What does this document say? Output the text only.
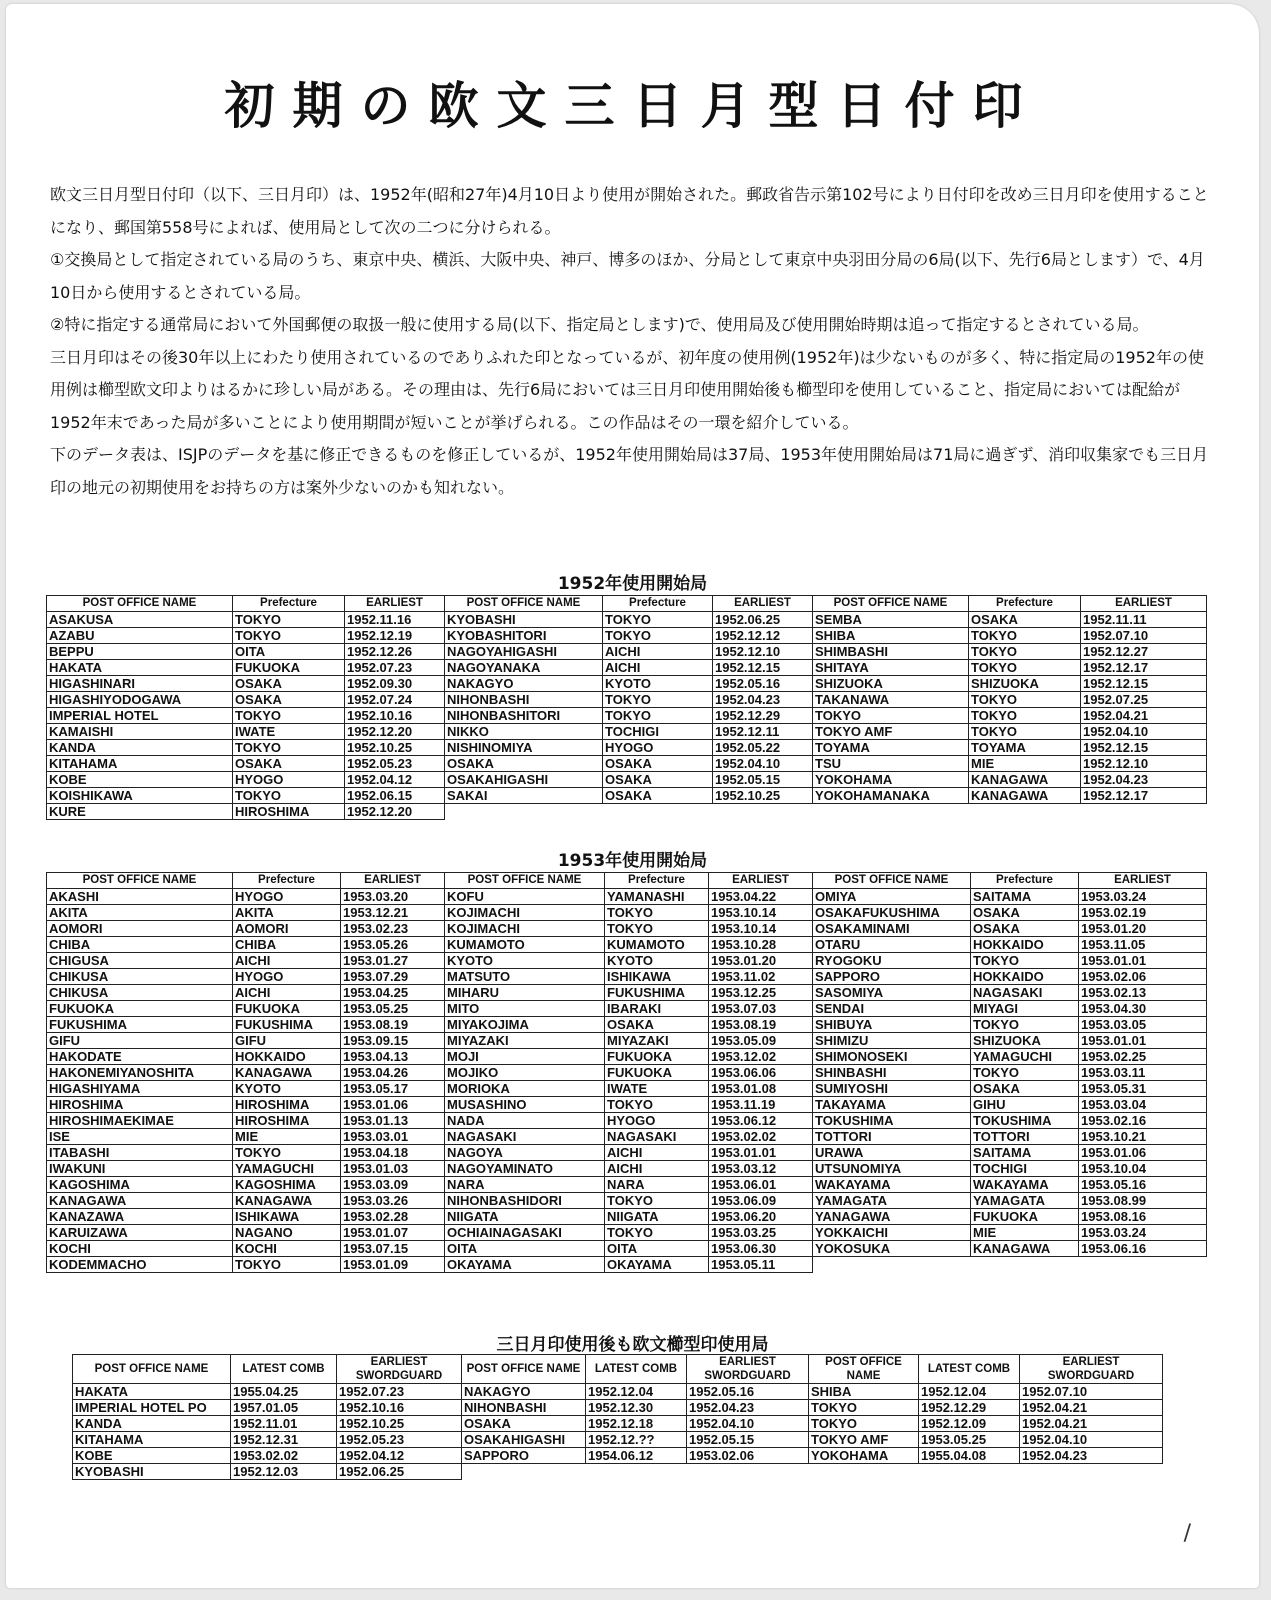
初期の欧文三日月型日付印

欧文三日月型日付印（以下、三日月印）は、1952年(昭和27年)4月10日より使用が開始された。郵政省告示第102号により日付印を改め三日月印を使用することになり、郵国第558号によれば、使用局として次の二つに分けられる。

①交換局として指定されている局のうち、東京中央、横浜、大阪中央、神戸、博多のほか、分局として東京中央羽田分局の6局(以下、先行6局とします）で、4月10日から使用するとされている局。

②特に指定する通常局において外国郵便の取扱一般に使用する局(以下、指定局とします)で、使用局及び使用開始時期は追って指定するとされている局。

三日月印はその後30年以上にわたり使用されているのでありふれた印となっているが、初年度の使用例(1952年)は少ないものが多く、特に指定局の1952年の使用例は櫛型欧文印よりはるかに珍しい局がある。その理由は、先行6局においては三日月印使用開始後も櫛型印を使用していること、指定局においては配給が1952年末であった局が多いことにより使用期間が短いことが挙げられる。この作品はその一環を紹介している。

下のデータ表は、ISJPのデータを基に修正できるものを修正しているが、1952年使用開始局は37局、1953年使用開始局は71局に過ぎず、消印収集家でも三日月印の地元の初期使用をお持ちの方は案外少ないのかも知れない。

1952年使用開始局
POST OFFICE NAME	Prefecture	EARLIEST	POST OFFICE NAME	Prefecture	EARLIEST	POST OFFICE NAME	Prefecture	EARLIEST
ASAKUSA	TOKYO	1952.11.16	KYOBASHI	TOKYO	1952.06.25	SEMBA	OSAKA	1952.11.11
AZABU	TOKYO	1952.12.19	KYOBASHITORI	TOKYO	1952.12.12	SHIBA	TOKYO	1952.07.10
BEPPU	OITA	1952.12.26	NAGOYAHIGASHI	AICHI	1952.12.10	SHIMBASHI	TOKYO	1952.12.27
HAKATA	FUKUOKA	1952.07.23	NAGOYANAKA	AICHI	1952.12.15	SHITAYA	TOKYO	1952.12.17
HIGASHINARI	OSAKA	1952.09.30	NAKAGYO	KYOTO	1952.05.16	SHIZUOKA	SHIZUOKA	1952.12.15
HIGASHIYODOGAWA	OSAKA	1952.07.24	NIHONBASHI	TOKYO	1952.04.23	TAKANAWA	TOKYO	1952.07.25
IMPERIAL HOTEL	TOKYO	1952.10.16	NIHONBASHITORI	TOKYO	1952.12.29	TOKYO	TOKYO	1952.04.21
KAMAISHI	IWATE	1952.12.20	NIKKO	TOCHIGI	1952.12.11	TOKYO AMF	TOKYO	1952.04.10
KANDA	TOKYO	1952.10.25	NISHINOMIYA	HYOGO	1952.05.22	TOYAMA	TOYAMA	1952.12.15
KITAHAMA	OSAKA	1952.05.23	OSAKA	OSAKA	1952.04.10	TSU	MIE	1952.12.10
KOBE	HYOGO	1952.04.12	OSAKAHIGASHI	OSAKA	1952.05.15	YOKOHAMA	KANAGAWA	1952.04.23
KOISHIKAWA	TOKYO	1952.06.15	SAKAI	OSAKA	1952.10.25	YOKOHAMANAKA	KANAGAWA	1952.12.17
KURE	HIROSHIMA	1952.12.20						
1953年使用開始局
POST OFFICE NAME	Prefecture	EARLIEST	POST OFFICE NAME	Prefecture	EARLIEST	POST OFFICE NAME	Prefecture	EARLIEST
AKASHI	HYOGO	1953.03.20	KOFU	YAMANASHI	1953.04.22	OMIYA	SAITAMA	1953.03.24
AKITA	AKITA	1953.12.21	KOJIMACHI	TOKYO	1953.10.14	OSAKAFUKUSHIMA	OSAKA	1953.02.19
AOMORI	AOMORI	1953.02.23	KOJIMACHI	TOKYO	1953.10.14	OSAKAMINAMI	OSAKA	1953.01.20
CHIBA	CHIBA	1953.05.26	KUMAMOTO	KUMAMOTO	1953.10.28	OTARU	HOKKAIDO	1953.11.05
CHIGUSA	AICHI	1953.01.27	KYOTO	KYOTO	1953.01.20	RYOGOKU	TOKYO	1953.01.01
CHIKUSA	HYOGO	1953.07.29	MATSUTO	ISHIKAWA	1953.11.02	SAPPORO	HOKKAIDO	1953.02.06
CHIKUSA	AICHI	1953.04.25	MIHARU	FUKUSHIMA	1953.12.25	SASOMIYA	NAGASAKI	1953.02.13
FUKUOKA	FUKUOKA	1953.05.25	MITO	IBARAKI	1953.07.03	SENDAI	MIYAGI	1953.04.30
FUKUSHIMA	FUKUSHIMA	1953.08.19	MIYAKOJIMA	OSAKA	1953.08.19	SHIBUYA	TOKYO	1953.03.05
GIFU	GIFU	1953.09.15	MIYAZAKI	MIYAZAKI	1953.05.09	SHIMIZU	SHIZUOKA	1953.01.01
HAKODATE	HOKKAIDO	1953.04.13	MOJI	FUKUOKA	1953.12.02	SHIMONOSEKI	YAMAGUCHI	1953.02.25
HAKONEMIYANOSHITA	KANAGAWA	1953.04.26	MOJIKO	FUKUOKA	1953.06.06	SHINBASHI	TOKYO	1953.03.11
HIGASHIYAMA	KYOTO	1953.05.17	MORIOKA	IWATE	1953.01.08	SUMIYOSHI	OSAKA	1953.05.31
HIROSHIMA	HIROSHIMA	1953.01.06	MUSASHINO	TOKYO	1953.11.19	TAKAYAMA	GIHU	1953.03.04
HIROSHIMAEKIMAE	HIROSHIMA	1953.01.13	NADA	HYOGO	1953.06.12	TOKUSHIMA	TOKUSHIMA	1953.02.16
ISE	MIE	1953.03.01	NAGASAKI	NAGASAKI	1953.02.02	TOTTORI	TOTTORI	1953.10.21
ITABASHI	TOKYO	1953.04.18	NAGOYA	AICHI	1953.01.01	URAWA	SAITAMA	1953.01.06
IWAKUNI	YAMAGUCHI	1953.01.03	NAGOYAMINATO	AICHI	1953.03.12	UTSUNOMIYA	TOCHIGI	1953.10.04
KAGOSHIMA	KAGOSHIMA	1953.03.09	NARA	NARA	1953.06.01	WAKAYAMA	WAKAYAMA	1953.05.16
KANAGAWA	KANAGAWA	1953.03.26	NIHONBASHIDORI	TOKYO	1953.06.09	YAMAGATA	YAMAGATA	1953.08.99
KANAZAWA	ISHIKAWA	1953.02.28	NIIGATA	NIIGATA	1953.06.20	YANAGAWA	FUKUOKA	1953.08.16
KARUIZAWA	NAGANO	1953.01.07	OCHIAINAGASAKI	TOKYO	1953.03.25	YOKKAICHI	MIE	1953.03.24
KOCHI	KOCHI	1953.07.15	OITA	OITA	1953.06.30	YOKOSUKA	KANAGAWA	1953.06.16
KODEMMACHO	TOKYO	1953.01.09	OKAYAMA	OKAYAMA	1953.05.11			
三日月印使用後も欧文櫛型印使用局
POST OFFICE NAME	LATEST COMB	EARLIEST SWORDGUARD	POST OFFICE NAME	LATEST COMB	EARLIEST SWORDGUARD	POST OFFICE NAME	LATEST COMB	EARLIEST SWORDGUARD
HAKATA	1955.04.25	1952.07.23	NAKAGYO	1952.12.04	1952.05.16	SHIBA	1952.12.04	1952.07.10
IMPERIAL HOTEL PO	1957.01.05	1952.10.16	NIHONBASHI	1952.12.30	1952.04.23	TOKYO	1952.12.29	1952.04.21
KANDA	1952.11.01	1952.10.25	OSAKA	1952.12.18	1952.04.10	TOKYO	1952.12.09	1952.04.21
KITAHAMA	1952.12.31	1952.05.23	OSAKAHIGASHI	1952.12.??	1952.05.15	TOKYO AMF	1953.05.25	1952.04.10
KOBE	1953.02.02	1952.04.12	SAPPORO	1954.06.12	1953.02.06	YOKOHAMA	1955.04.08	1952.04.23
KYOBASHI	1952.12.03	1952.06.25						
/
